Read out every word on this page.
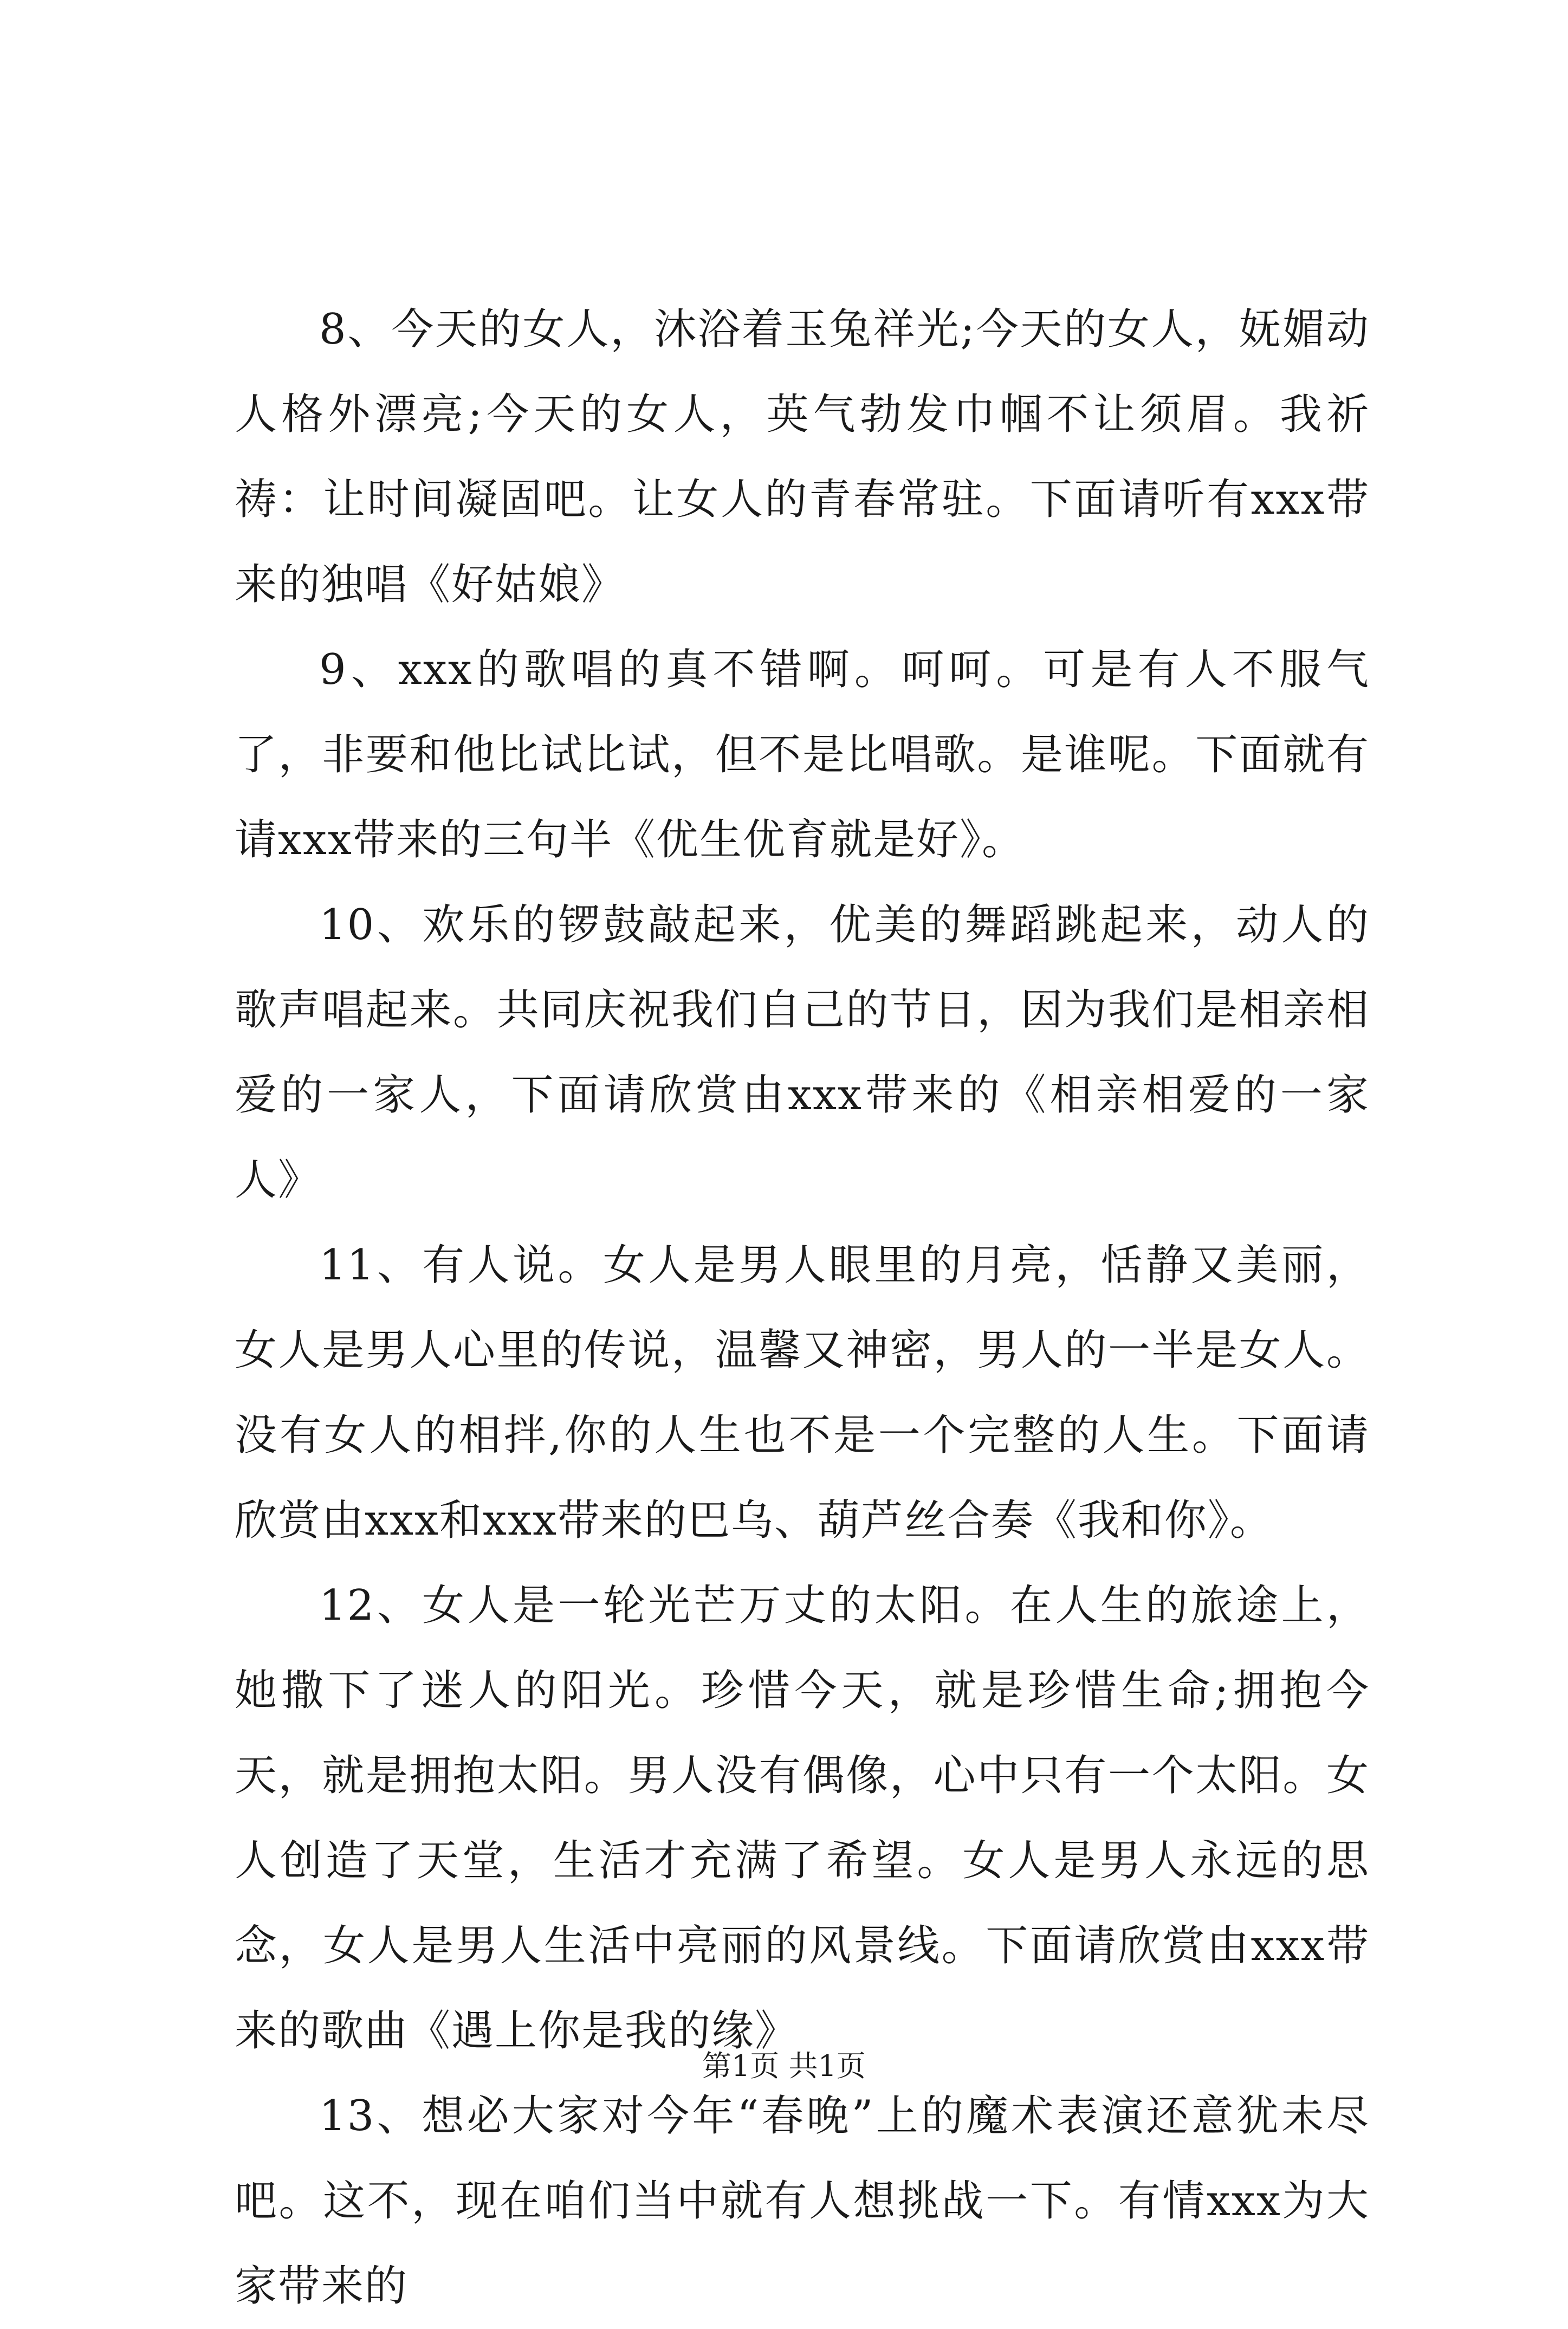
8、今天的女人，沐浴着玉兔祥光;今天的女人，妩媚动人格外漂亮;今天的女人，英气勃发巾帼不让须眉。我祈祷：让时间凝固吧。让女人的青春常驻。下面请听有xxx带来的独唱《好姑娘》

9、xxx的歌唱的真不错啊。呵呵。可是有人不服气了，非要和他比试比试，但不是比唱歌。是谁呢。下面就有请xxx带来的三句半《优生优育就是好》。

10、欢乐的锣鼓敲起来，优美的舞蹈跳起来，动人的歌声唱起来。共同庆祝我们自己的节日，因为我们是相亲相爱的一家人，下面请欣赏由xxx带来的《相亲相爱的一家人》

11、有人说。女人是男人眼里的月亮，恬静又美丽，女人是男人心里的传说，温馨又神密，男人的一半是女人。没有女人的相拌,你的人生也不是一个完整的人生。下面请欣赏由xxx和xxx带来的巴乌、葫芦丝合奏《我和你》。

12、女人是一轮光芒万丈的太阳。在人生的旅途上，她撒下了迷人的阳光。珍惜今天，就是珍惜生命;拥抱今天，就是拥抱太阳。男人没有偶像，心中只有一个太阳。女人创造了天堂，生活才充满了希望。女人是男人永远的思念，女人是男人生活中亮丽的风景线。下面请欣赏由xxx带来的歌曲《遇上你是我的缘》

13、想必大家对今年“春晚”上的魔术表演还意犹未尽吧。这不，现在咱们当中就有人想挑战一下。有情xxx为大家带来的

第1页 共1页
